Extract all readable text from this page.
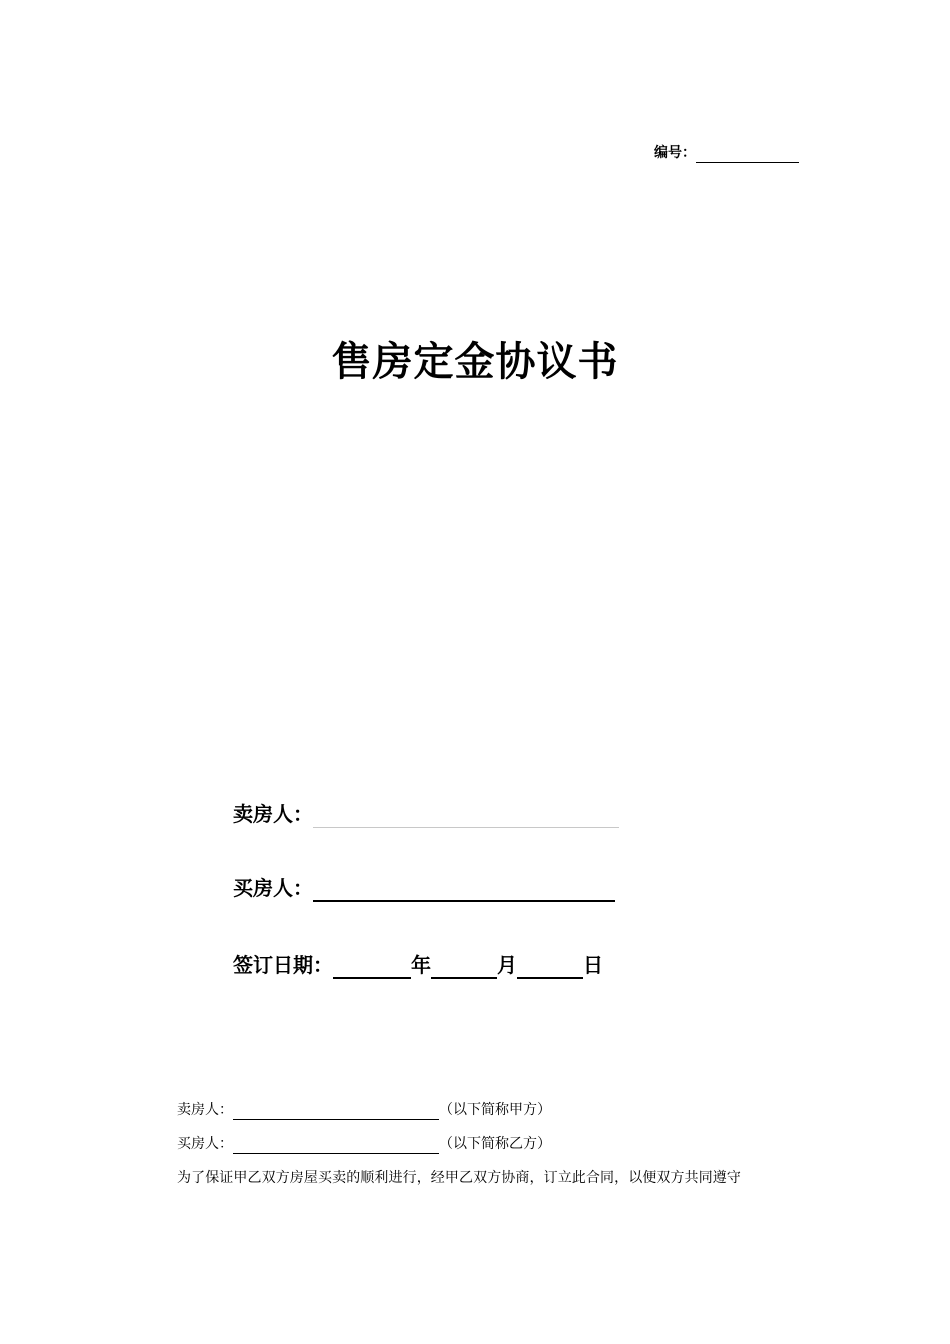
编号：
售房定金协议书
卖房人：
买房人：
签订日期：	年	月	日
卖房人：	（以下简称甲方）
买房人：	（以下简称乙方）
为了保证甲乙双方房屋买卖的顺利进行，经甲乙双方协商，订立此合同，以便双方共同遵守
